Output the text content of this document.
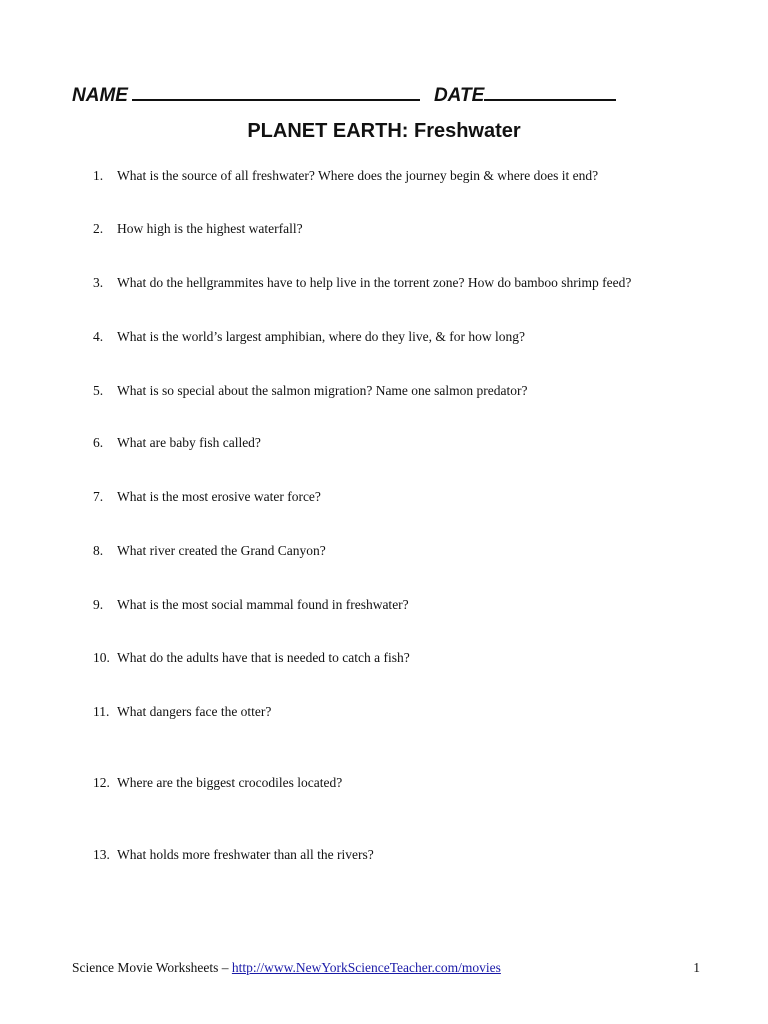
NAME	DATE
PLANET EARTH: Freshwater
1. What is the source of all freshwater? Where does the journey begin & where does it end?
2. How high is the highest waterfall?
3. What do the hellgrammites have to help live in the torrent zone? How do bamboo shrimp feed?
4. What is the world’s largest amphibian, where do they live, & for how long?
5. What is so special about the salmon migration? Name one salmon predator?
6. What are baby fish called?
7. What is the most erosive water force?
8. What river created the Grand Canyon?
9. What is the most social mammal found in freshwater?
10. What do the adults have that is needed to catch a fish?
11. What dangers face the otter?
12. Where are the biggest crocodiles located?
13. What holds more freshwater than all the rivers?
Science Movie Worksheets – http://www.NewYorkScienceTeacher.com/movies	1
